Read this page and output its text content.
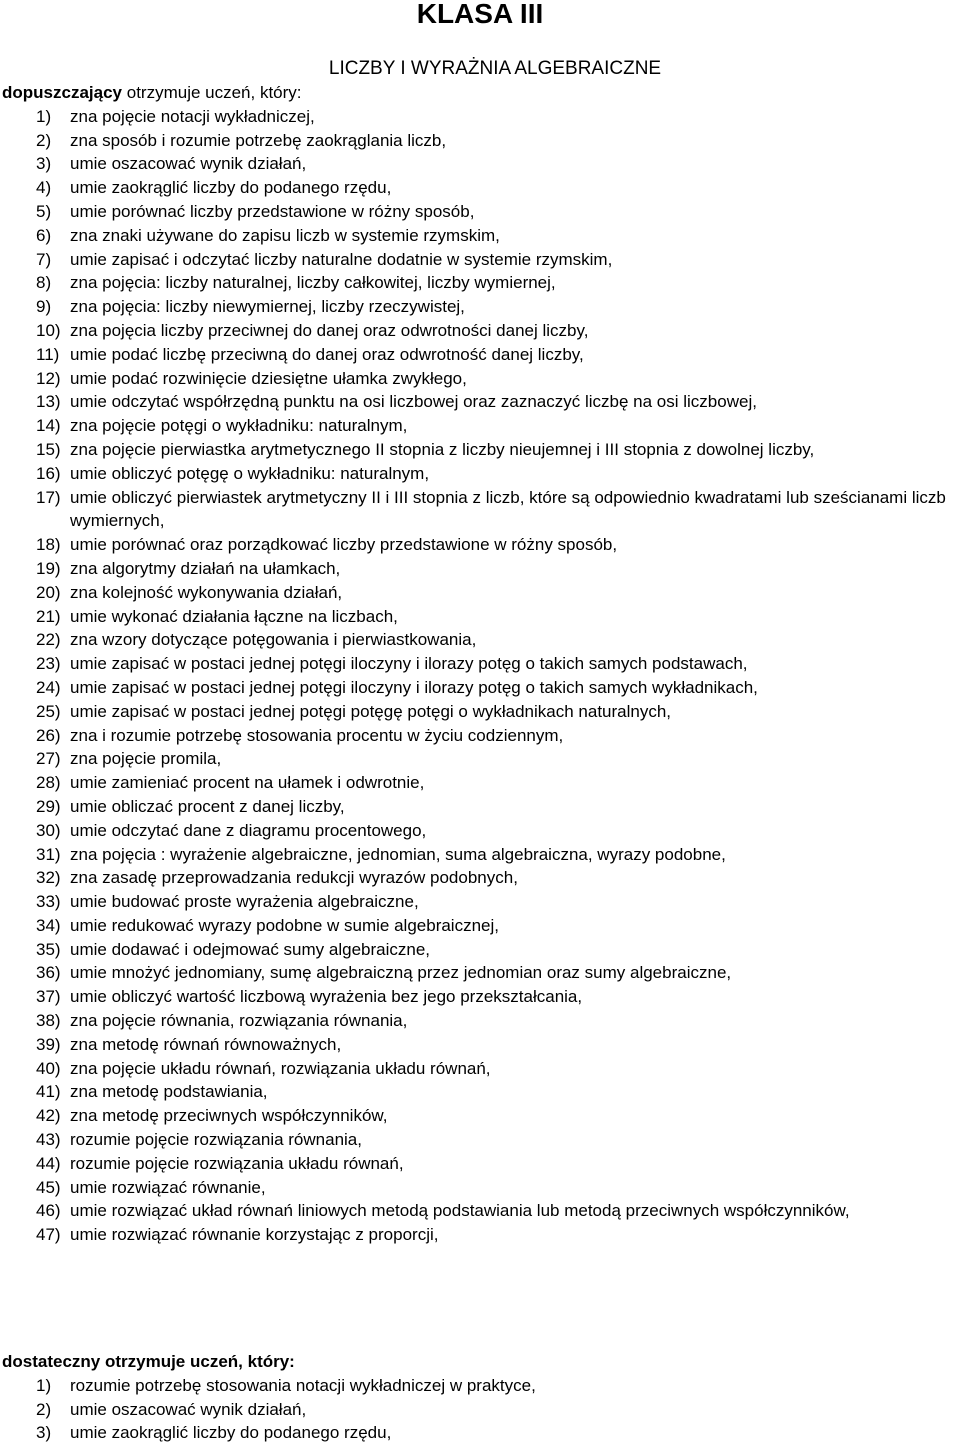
KLASA III
LICZBY I WYRAŻNIA ALGEBRAICZNE

dopuszczający otrzymuje uczeń, który:

1) zna pojęcie notacji wykładniczej,
2) zna sposób i rozumie potrzebę zaokrąglania liczb,
3) umie oszacować wynik działań,
4) umie zaokrąglić liczby do podanego rzędu,
5) umie porównać liczby przedstawione w różny sposób,
6) zna znaki używane do zapisu liczb w systemie rzymskim,
7) umie zapisać i odczytać liczby naturalne dodatnie w systemie rzymskim,
8) zna pojęcia: liczby naturalnej, liczby całkowitej, liczby wymiernej,
9) zna pojęcia: liczby niewymiernej, liczby rzeczywistej,
10) zna pojęcia liczby przeciwnej do danej oraz odwrotności danej liczby,
11) umie podać liczbę przeciwną do danej oraz odwrotność danej liczby,
12) umie podać rozwinięcie dziesiętne ułamka zwykłego,
13) umie odczytać współrzędną punktu na osi liczbowej oraz zaznaczyć liczbę na osi liczbowej,
14) zna pojęcie potęgi o wykładniku: naturalnym,
15) zna pojęcie pierwiastka arytmetycznego II stopnia z liczby nieujemnej i III stopnia z dowolnej liczby,
16) umie obliczyć potęgę o wykładniku: naturalnym,
17) umie obliczyć pierwiastek arytmetyczny II i III stopnia z liczb, które są odpowiednio kwadratami lub sześcianami liczb wymiernych,
18) umie porównać oraz porządkować liczby przedstawione w różny sposób,
19) zna algorytmy działań na ułamkach,
20) zna kolejność wykonywania działań,
21) umie wykonać działania łączne na liczbach,
22) zna wzory dotyczące potęgowania i pierwiastkowania,
23) umie zapisać w postaci jednej potęgi iloczyny i ilorazy potęg o takich samych podstawach,
24) umie zapisać w postaci jednej potęgi iloczyny i ilorazy potęg o takich samych wykładnikach,
25) umie zapisać w postaci jednej potęgi potęgę potęgi o wykładnikach naturalnych,
26) zna i rozumie potrzebę stosowania procentu w życiu codziennym,
27) zna pojęcie promila,
28) umie zamieniać procent na ułamek i odwrotnie,
29) umie obliczać procent z danej liczby,
30) umie odczytać dane z diagramu procentowego,
31) zna pojęcia : wyrażenie algebraiczne, jednomian, suma algebraiczna, wyrazy podobne,
32) zna zasadę przeprowadzania redukcji wyrazów podobnych,
33) umie budować proste wyrażenia algebraiczne,
34) umie redukować wyrazy podobne w sumie algebraicznej,
35) umie dodawać i odejmować sumy algebraiczne,
36) umie mnożyć jednomiany, sumę algebraiczną przez jednomian oraz sumy algebraiczne,
37) umie obliczyć wartość liczbową wyrażenia bez jego przekształcania,
38) zna pojęcie równania, rozwiązania równania,
39) zna metodę równań równoważnych,
40) zna pojęcie układu równań, rozwiązania układu równań,
41) zna metodę podstawiania,
42) zna metodę przeciwnych współczynników,
43) rozumie pojęcie rozwiązania równania,
44) rozumie pojęcie rozwiązania układu równań,
45) umie rozwiązać równanie,
46) umie rozwiązać układ równań liniowych metodą podstawiania lub metodą przeciwnych współczynników,
47) umie rozwiązać równanie korzystając z proporcji,

dostateczny otrzymuje uczeń, który:

1) rozumie potrzebę stosowania notacji wykładniczej w praktyce,
2) umie oszacować wynik działań,
3) umie zaokrąglić liczby do podanego rzędu,
